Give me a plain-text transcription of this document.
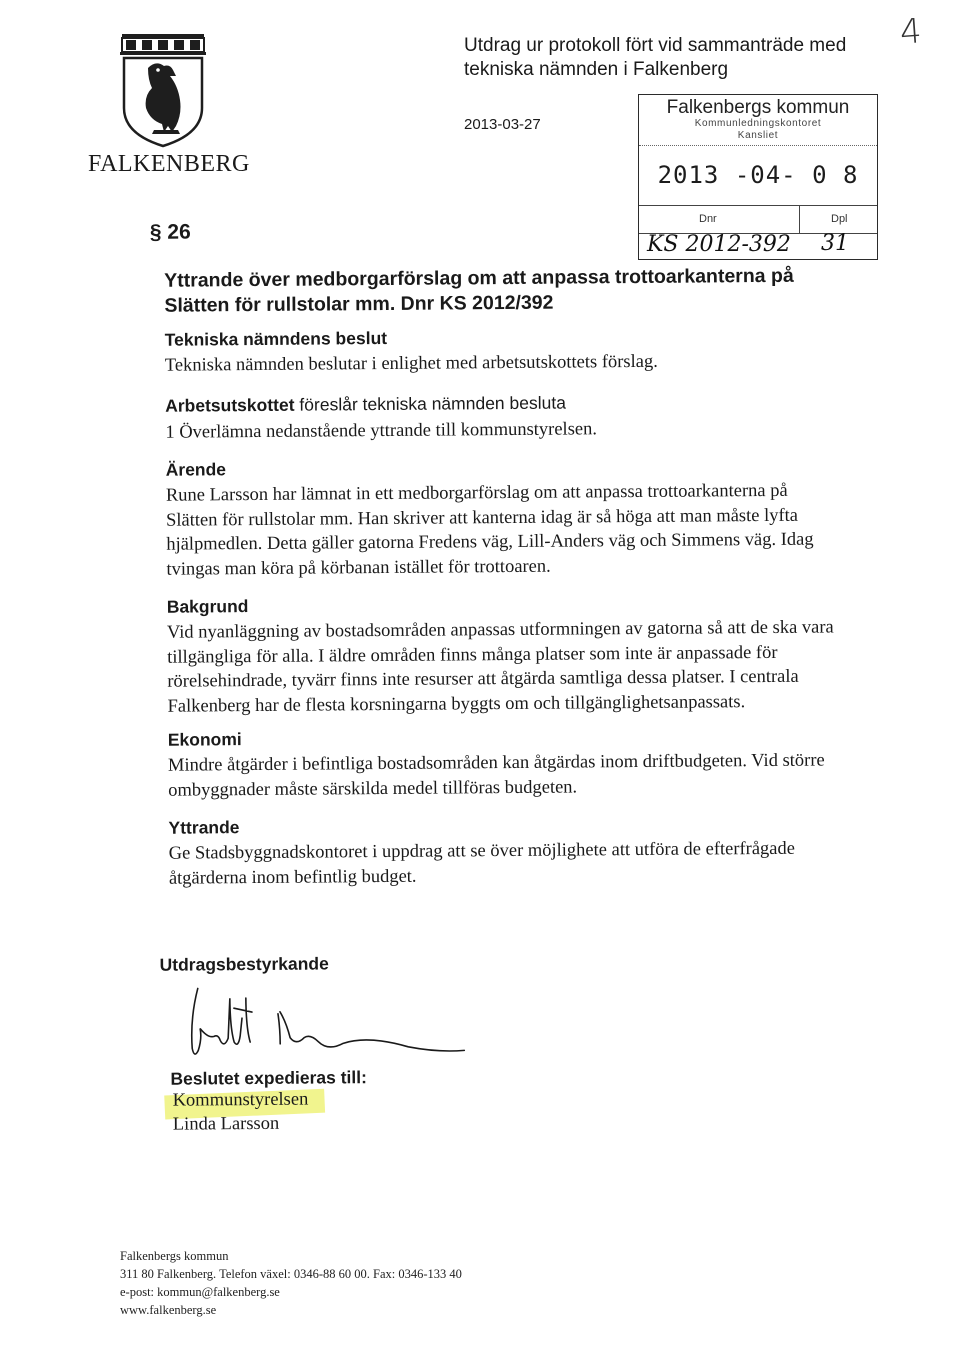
FALKENBERG
Utdrag ur protokoll fört vid sammanträde med
tekniska nämnden i Falkenberg
2013-03-27
4
Falkenbergs kommun
Kommunledningskontoret
Kansliet
2013 -04- 0 8
Dnr	Dpl
KS 2012-392 31
§ 26
Yttrande över medborgarförslag om att anpassa trottoarkanterna på
Slätten för rullstolar mm. Dnr KS 2012/392
Tekniska nämndens beslut
Tekniska nämnden beslutar i enlighet med arbetsutskottets förslag.
Arbetsutskottet föreslår tekniska nämnden besluta
1 Överlämna nedanstående yttrande till kommunstyrelsen.
Ärende
Rune Larsson har lämnat in ett medborgarförslag om att anpassa trottoarkanterna på
Slätten för rullstolar mm. Han skriver att kanterna idag är så höga att man måste lyfta
hjälpmedlen. Detta gäller gatorna Fredens väg, Lill-Anders väg och Simmens väg. Idag
tvingas man köra på körbanan istället för trottoaren.
Bakgrund
Vid nyanläggning av bostadsområden anpassas utformningen av gatorna så att de ska vara
tillgängliga för alla. I äldre områden finns många platser som inte är anpassade för
rörelsehindrade, tyvärr finns inte resurser att åtgärda samtliga dessa platser. I centrala
Falkenberg har de flesta korsningarna byggts om och tillgänglighetsanpassats.
Ekonomi
Mindre åtgärder i befintliga bostadsområden kan åtgärdas inom driftbudgeten. Vid större
ombyggnader måste särskilda medel tillföras budgeten.
Yttrande
Ge Stadsbyggnadskontoret i uppdrag att se över möjlighete att utföra de efterfrågade
åtgärderna inom befintlig budget.
Utdragsbestyrkande
Beslutet expedieras till:
Kommunstyrelsen
Linda Larsson
Falkenbergs kommun
311 80 Falkenberg. Telefon växel: 0346-88 60 00. Fax: 0346-133 40
e-post: kommun@falkenberg.se
www.falkenberg.se
